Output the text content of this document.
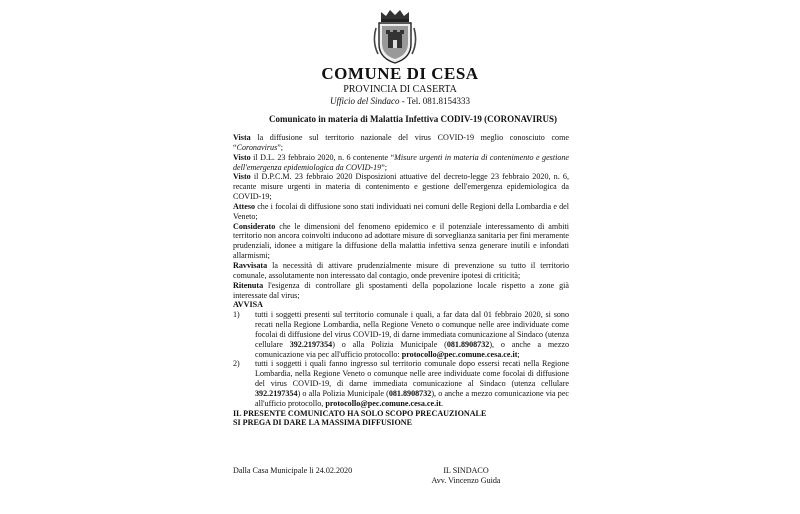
COMUNE DI CESA
PROVINCIA DI CASERTA
Ufficio del Sindaco - Tel. 081.8154333
Comunicato in materia di Malattia Infettiva CODIV-19 (CORONAVIRUS)

Vista la diffusione sul territorio nazionale del virus COVID-19 meglio conosciuto come “Coronavirus”;

Visto il D.L. 23 febbraio 2020, n. 6 contenente “Misure urgenti in materia di contenimento e gestione dell'emergenza epidemiologica da COVID-19”;

Visto il D.P.C.M. 23 febbraio 2020 Disposizioni attuative del decreto-legge 23 febbraio 2020, n. 6, recante misure urgenti in materia di contenimento e gestione dell'emergenza epidemiologica da COVID-19;

Atteso che i focolai di diffusione sono stati individuati nei comuni delle Regioni della Lombardia e del Veneto;

Considerato che le dimensioni del fenomeno epidemico e il potenziale interessamento di ambiti territorio non ancora coinvolti inducono ad adottare misure di sorveglianza sanitaria per fini meramente prudenziali, idonee a mitigare la diffusione della malattia infettiva senza generare inutili e infondati allarmismi;

Ravvisata la necessità di attivare prudenzialmente misure di prevenzione su tutto il territorio comunale, assolutamente non interessato dal contagio, onde prevenire ipotesi di criticità;

Ritenuta l'esigenza di controllare gli spostamenti della popolazione locale rispetto a zone già interessate dal virus;

AVVISA

1)	tutti i soggetti presenti sul territorio comunale i quali, a far data dal 01 febbraio 2020, si sono recati nella Regione Lombardia, nella Regione Veneto o comunque nelle aree individuate come focolai di diffusione del virus COVID-19, di darne immediata comunicazione al Sindaco (utenza cellulare 392.2197354) o alla Polizia Municipale (081.8908732), o anche a mezzo comunicazione via pec all'ufficio protocollo: protocollo@pec.comune.cesa.ce.it;
2)	tutti i soggetti i quali fanno ingresso sul territorio comunale dopo essersi recati nella Regione Lombardia, nella Regione Veneto o comunque nelle aree individuate come focolai di diffusione del virus COVID-19, di darne immediata comunicazione al Sindaco (utenza cellulare 392.2197354) o alla Polizia Municipale (081.8908732), o anche a mezzo comunicazione via pec all'ufficio protocollo, protocollo@pec.comune.cesa.ce.it.

IL PRESENTE COMUNICATO HA SOLO SCOPO PRECAUZIONALE

SI PREGA DI DARE LA MASSIMA DIFFUSIONE

Dalla Casa Municipale li 24.02.2020	IL SINDACO
Avv. Vincenzo Guida
